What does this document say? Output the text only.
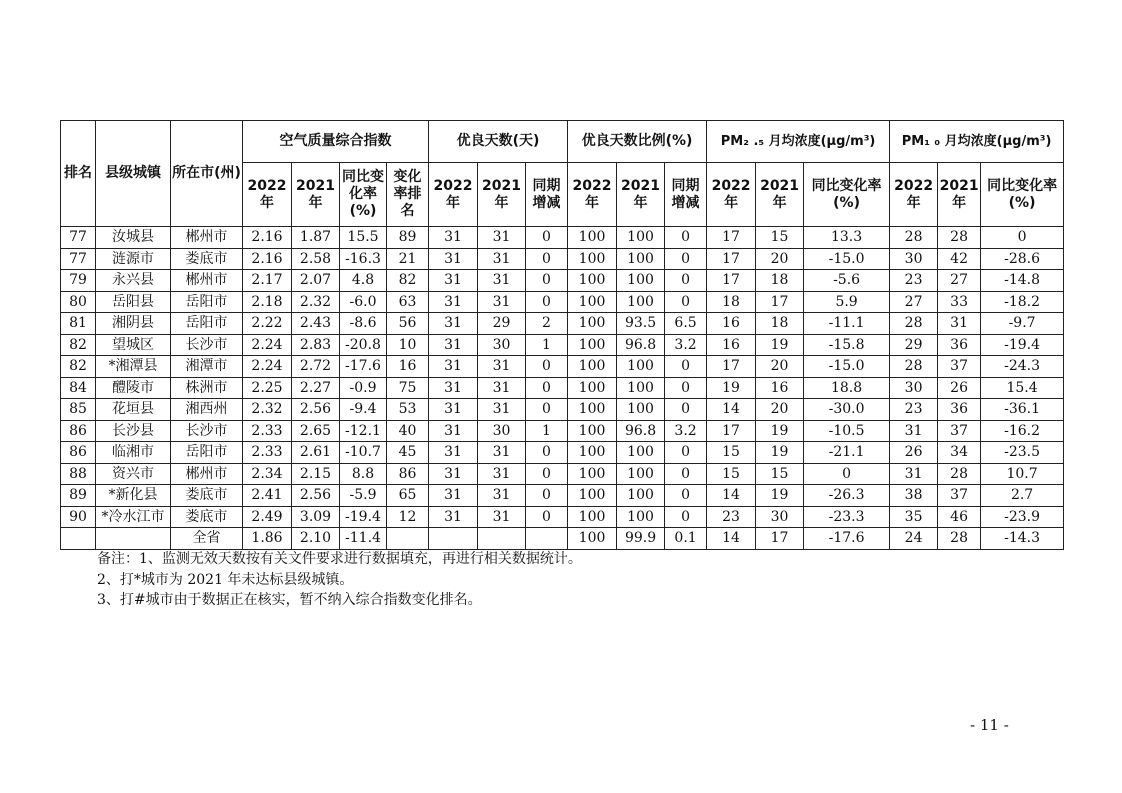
排名	县级城镇	所在市(州)	空气质量综合指数				优良天数(天)			优良天数比例(%)			PM₂ .₅ 月均浓度(μg/m³)			PM₁ ₀ 月均浓度(μg/m³)		
			2022年	2021年	同比变化率(%)	变化率排名	2022年	2021年	同期增减	2022年	2021年	同期增减	2022年	2021年	同比变化率(%)	2022年	2021年	同比变化率(%)
77	汝城县	郴州市	2.16	1.87	15.5	89	31	31	0	100	100	0	17	15	13.3	28	28	0
77	涟源市	娄底市	2.16	2.58	-16.3	21	31	31	0	100	100	0	17	20	-15.0	30	42	-28.6
79	永兴县	郴州市	2.17	2.07	4.8	82	31	31	0	100	100	0	17	18	-5.6	23	27	-14.8
80	岳阳县	岳阳市	2.18	2.32	-6.0	63	31	31	0	100	100	0	18	17	5.9	27	33	-18.2
81	湘阴县	岳阳市	2.22	2.43	-8.6	56	31	29	2	100	93.5	6.5	16	18	-11.1	28	31	-9.7
82	望城区	长沙市	2.24	2.83	-20.8	10	31	30	1	100	96.8	3.2	16	19	-15.8	29	36	-19.4
82	*湘潭县	湘潭市	2.24	2.72	-17.6	16	31	31	0	100	100	0	17	20	-15.0	28	37	-24.3
84	醴陵市	株洲市	2.25	2.27	-0.9	75	31	31	0	100	100	0	19	16	18.8	30	26	15.4
85	花垣县	湘西州	2.32	2.56	-9.4	53	31	31	0	100	100	0	14	20	-30.0	23	36	-36.1
86	长沙县	长沙市	2.33	2.65	-12.1	40	31	30	1	100	96.8	3.2	17	19	-10.5	31	37	-16.2
86	临湘市	岳阳市	2.33	2.61	-10.7	45	31	31	0	100	100	0	15	19	-21.1	26	34	-23.5
88	资兴市	郴州市	2.34	2.15	8.8	86	31	31	0	100	100	0	15	15	0	31	28	10.7
89	*新化县	娄底市	2.41	2.56	-5.9	65	31	31	0	100	100	0	14	19	-26.3	38	37	2.7
90	*冷水江市	娄底市	2.49	3.09	-19.4	12	31	31	0	100	100	0	23	30	-23.3	35	46	-23.9
		全省	1.86	2.10	-11.4					100	99.9	0.1	14	17	-17.6	24	28	-14.3
备注：1、监测无效天数按有关文件要求进行数据填充，再进行相关数据统计。
2、打*城市为 2021 年未达标县级城镇。
3、打#城市由于数据正在核实，暂不纳入综合指数变化排名。
- 11 -
